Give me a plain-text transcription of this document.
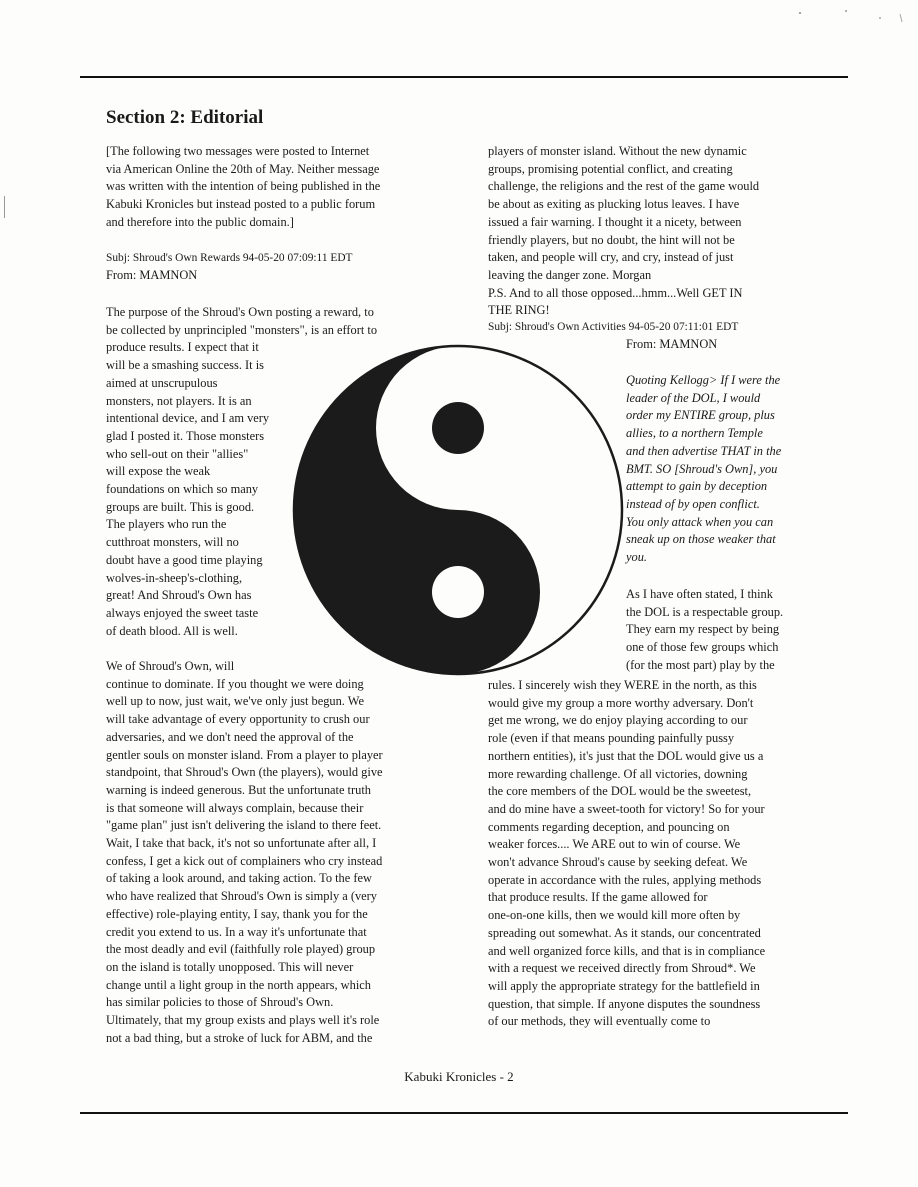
Section 2: Editorial
[The following two messages were posted to Internet
via American Online the 20th of May. Neither message
was written with the intention of being published in the
Kabuki Kronicles but instead posted to a public forum
and therefore into the public domain.]
Subj: Shroud's Own Rewards 94-05-20 07:09:11 EDT
From: MAMNON
The purpose of the Shroud's Own posting a reward, to
be collected by unprincipled "monsters", is an effort to
produce results. I expect that it
will be a smashing success. It is
aimed at unscrupulous
monsters, not players. It is an
intentional device, and I am very
glad I posted it. Those monsters
who sell-out on their "allies"
will expose the weak
foundations on which so many
groups are built. This is good.
The players who run the
cutthroat monsters, will no
doubt have a good time playing
wolves-in-sheep's-clothing,
great! And Shroud's Own has
always enjoyed the sweet taste
of death blood. All is well.
We of Shroud's Own, will
continue to dominate. If you thought we were doing
well up to now, just wait, we've only just begun. We
will take advantage of every opportunity to crush our
adversaries, and we don't need the approval of the
gentler souls on monster island. From a player to player
standpoint, that Shroud's Own (the players), would give
warning is indeed generous. But the unfortunate truth
is that someone will always complain, because their
"game plan" just isn't delivering the island to there feet.
Wait, I take that back, it's not so unfortunate after all, I
confess, I get a kick out of complainers who cry instead
of taking a look around, and taking action. To the few
who have realized that Shroud's Own is simply a (very
effective) role-playing entity, I say, thank you for the
credit you extend to us. In a way it's unfortunate that
the most deadly and evil (faithfully role played) group
on the island is totally unopposed. This will never
change until a light group in the north appears, which
has similar policies to those of Shroud's Own.
Ultimately, that my group exists and plays well it's role
not a bad thing, but a stroke of luck for ABM, and the
players of monster island. Without the new dynamic
groups, promising potential conflict, and creating
challenge, the religions and the rest of the game would
be about as exiting as plucking lotus leaves. I have
issued a fair warning. I thought it a nicety, between
friendly players, but no doubt, the hint will not be
taken, and people will cry, and cry, instead of just
leaving the danger zone. Morgan
P.S. And to all those opposed...hmm...Well GET IN
THE RING!
Subj: Shroud's Own Activities 94-05-20 07:11:01 EDT
From: MAMNON
Quoting Kellogg> If I were the
leader of the DOL, I would
order my ENTIRE group, plus
allies, to a northern Temple
and then advertise THAT in the
BMT. SO [Shroud's Own], you
attempt to gain by deception
instead of by open conflict.
You only attack when you can
sneak up on those weaker that
you.
As I have often stated, I think
the DOL is a respectable group.
They earn my respect by being
one of those few groups which
(for the most part) play by the
rules. I sincerely wish they WERE in the north, as this
would give my group a more worthy adversary. Don't
get me wrong, we do enjoy playing according to our
role (even if that means pounding painfully pussy
northern entities), it's just that the DOL would give us a
more rewarding challenge. Of all victories, downing
the core members of the DOL would be the sweetest,
and do mine have a sweet-tooth for victory! So for your
comments regarding deception, and pouncing on
weaker forces.... We ARE out to win of course. We
won't advance Shroud's cause by seeking defeat. We
operate in accordance with the rules, applying methods
that produce results. If the game allowed for
one-on-one kills, then we would kill more often by
spreading out somewhat. As it stands, our concentrated
and well organized force kills, and that is in compliance
with a request we received directly from Shroud*. We
will apply the appropriate strategy for the battlefield in
question, that simple. If anyone disputes the soundness
of our methods, they will eventually come to
Kabuki Kronicles - 2
